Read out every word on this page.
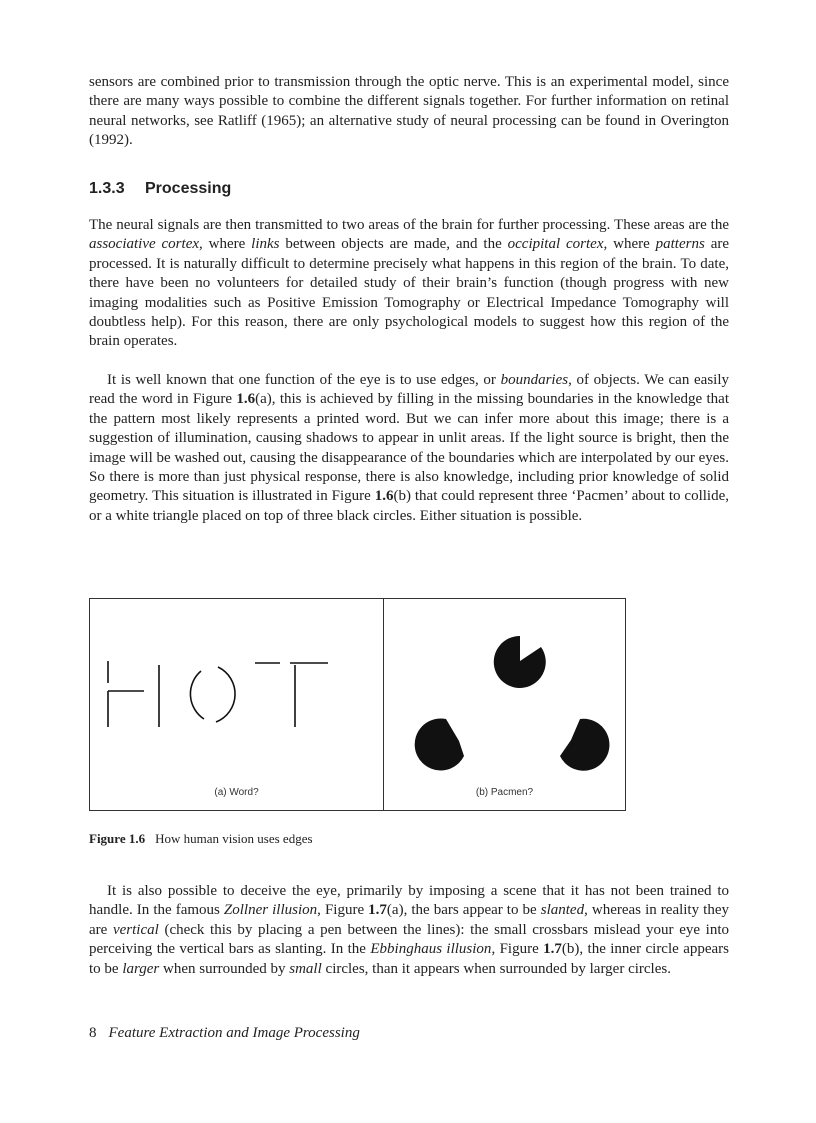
sensors are combined prior to transmission through the optic nerve. This is an experimental model, since there are many ways possible to combine the different signals together. For further information on retinal neural networks, see Ratliff (1965); an alternative study of neural processing can be found in Overington (1992).

1.3.3 Processing

The neural signals are then transmitted to two areas of the brain for further processing. These areas are the associative cortex, where links between objects are made, and the occipital cortex, where patterns are processed. It is naturally difficult to determine precisely what happens in this region of the brain. To date, there have been no volunteers for detailed study of their brain’s function (though progress with new imaging modalities such as Positive Emission Tomography or Electrical Impedance Tomography will doubtless help). For this reason, there are only psychological models to suggest how this region of the brain operates.

It is well known that one function of the eye is to use edges, or boundaries, of objects. We can easily read the word in Figure 1.6(a), this is achieved by filling in the missing boundaries in the knowledge that the pattern most likely represents a printed word. But we can infer more about this image; there is a suggestion of illumination, causing shadows to appear in unlit areas. If the light source is bright, then the image will be washed out, causing the disappearance of the boundaries which are interpolated by our eyes. So there is more than just physical response, there is also knowledge, including prior knowledge of solid geometry. This situation is illustrated in Figure 1.6(b) that could represent three ‘Pacmen’ about to collide, or a white triangle placed on top of three black circles. Either situation is possible.

(a) Word?	(b) Pacmen?

Figure 1.6 How human vision uses edges

It is also possible to deceive the eye, primarily by imposing a scene that it has not been trained to handle. In the famous Zollner illusion, Figure 1.7(a), the bars appear to be slanted, whereas in reality they are vertical (check this by placing a pen between the lines): the small crossbars mislead your eye into perceiving the vertical bars as slanting. In the Ebbinghaus illusion, Figure 1.7(b), the inner circle appears to be larger when surrounded by small circles, than it appears when surrounded by larger circles.

8 Feature Extraction and Image Processing
